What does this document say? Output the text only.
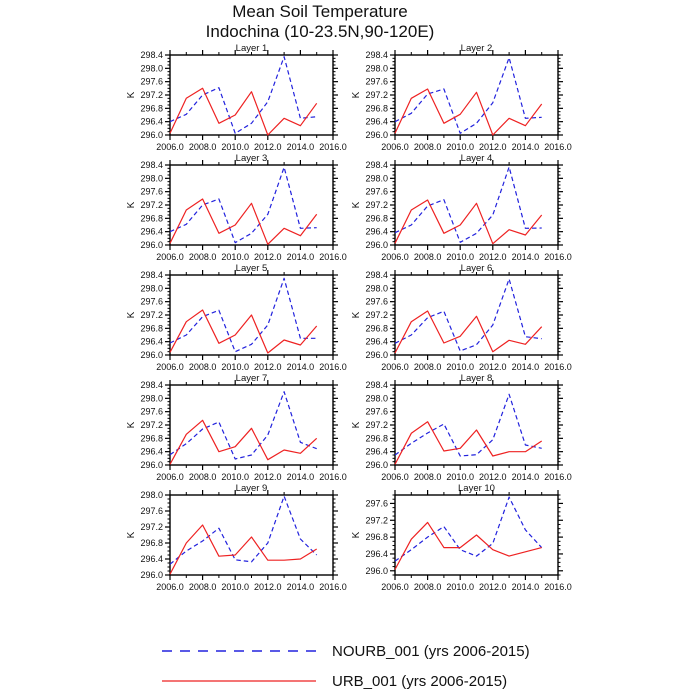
Mean Soil Temperature
Indochina (10-23.5N,90-120E)
Layer 1
2006.0 2008.0 2010.0 2012.0 2014.0 2016.0
296.0
296.4
296.8
297.2
297.6
298.0
298.4
K
Layer 2
2006.0 2008.0 2010.0 2012.0 2014.0 2016.0
296.0
296.4
296.8
297.2
297.6
298.0
298.4
K
Layer 3
2006.0 2008.0 2010.0 2012.0 2014.0 2016.0
296.0
296.4
296.8
297.2
297.6
298.0
298.4
K
Layer 4
2006.0 2008.0 2010.0 2012.0 2014.0 2016.0
296.0
296.4
296.8
297.2
297.6
298.0
298.4
K
Layer 5
2006.0 2008.0 2010.0 2012.0 2014.0 2016.0
296.0
296.4
296.8
297.2
297.6
298.0
298.4
K
Layer 6
2006.0 2008.0 2010.0 2012.0 2014.0 2016.0
296.0
296.4
296.8
297.2
297.6
298.0
298.4
K
Layer 7
2006.0 2008.0 2010.0 2012.0 2014.0 2016.0
296.0
296.4
296.8
297.2
297.6
298.0
298.4
K
Layer 8
2006.0 2008.0 2010.0 2012.0 2014.0 2016.0
296.0
296.4
296.8
297.2
297.6
298.0
298.4
K
Layer 9
2006.0 2008.0 2010.0 2012.0 2014.0 2016.0
296.0
296.4
296.8
297.2
297.6
298.0
K
Layer 10
2006.0 2008.0 2010.0 2012.0 2014.0 2016.0
296.0
296.4
296.8
297.2
297.6
K
NOURB_001 (yrs 2006-2015)
URB_001 (yrs 2006-2015)
